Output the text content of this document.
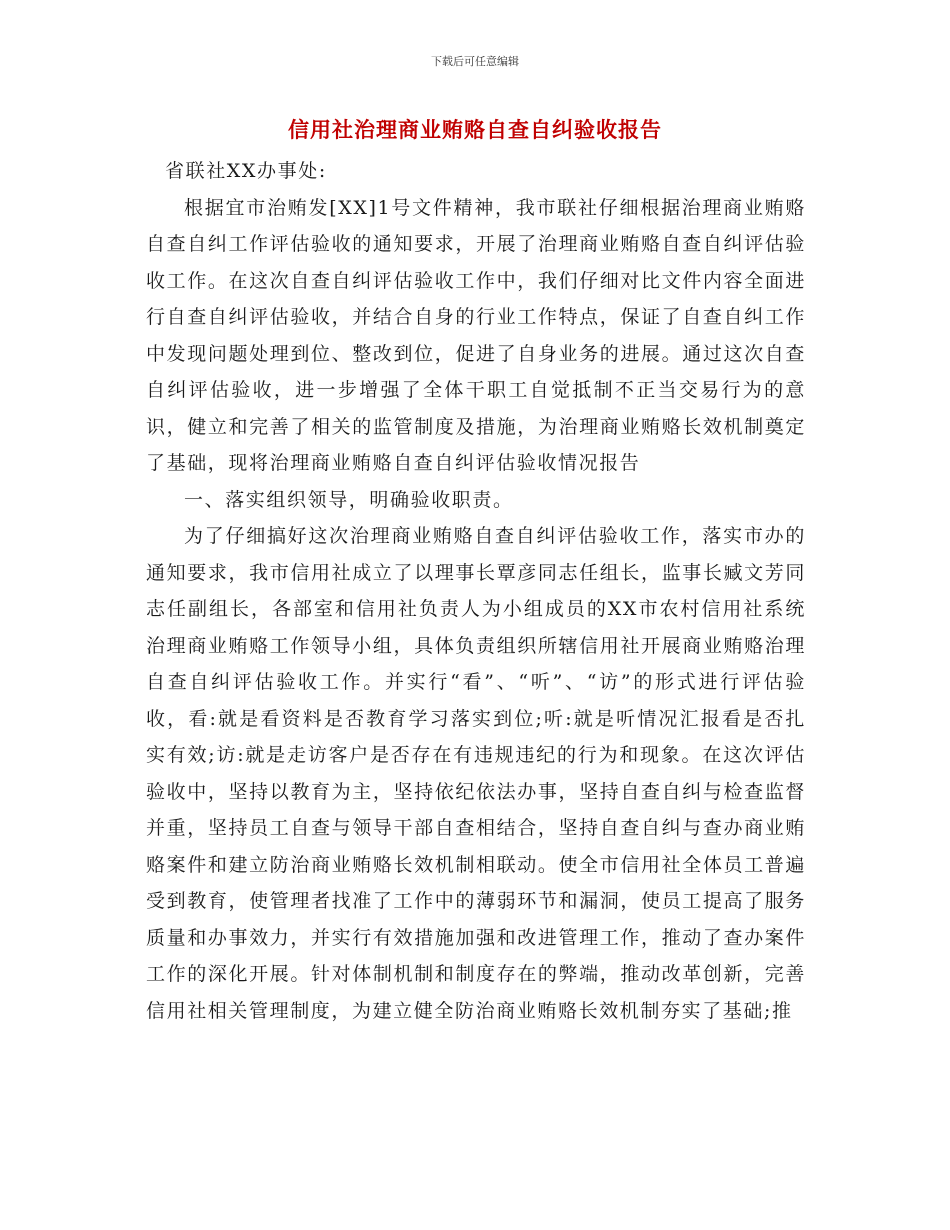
下载后可任意编辑
信用社治理商业贿赂自查自纠验收报告

省联社XX办事处:

根据宜市治贿发[XX]1号文件精神，我市联社仔细根据治理商业贿赂自查自纠工作评估验收的通知要求，开展了治理商业贿赂自查自纠评估验收工作。在这次自查自纠评估验收工作中，我们仔细对比文件内容全面进行自查自纠评估验收，并结合自身的行业工作特点，保证了自查自纠工作中发现问题处理到位、整改到位，促进了自身业务的进展。通过这次自查自纠评估验收，进一步增强了全体干职工自觉抵制不正当交易行为的意识，健立和完善了相关的监管制度及措施，为治理商业贿赂长效机制奠定了基础，现将治理商业贿赂自查自纠评估验收情况报告

一、落实组织领导，明确验收职责。

为了仔细搞好这次治理商业贿赂自查自纠评估验收工作，落实市办的通知要求，我市信用社成立了以理事长覃彦同志任组长，监事长臧文芳同志任副组长，各部室和信用社负责人为小组成员的XX市农村信用社系统治理商业贿赂工作领导小组，具体负责组织所辖信用社开展商业贿赂治理自查自纠评估验收工作。并实行“看”、“听”、“访”的形式进行评估验收，看:就是看资料是否教育学习落实到位;听:就是听情况汇报看是否扎实有效;访:就是走访客户是否存在有违规违纪的行为和现象。在这次评估验收中，坚持以教育为主，坚持依纪依法办事，坚持自查自纠与检查监督并重，坚持员工自查与领导干部自查相结合，坚持自查自纠与查办商业贿赂案件和建立防治商业贿赂长效机制相联动。使全市信用社全体员工普遍受到教育，使管理者找准了工作中的薄弱环节和漏洞，使员工提高了服务质量和办事效力，并实行有效措施加强和改进管理工作，推动了查办案件工作的深化开展。针对体制机制和制度存在的弊端，推动改革创新，完善信用社相关管理制度，为建立健全防治商业贿赂长效机制夯实了基础;推
